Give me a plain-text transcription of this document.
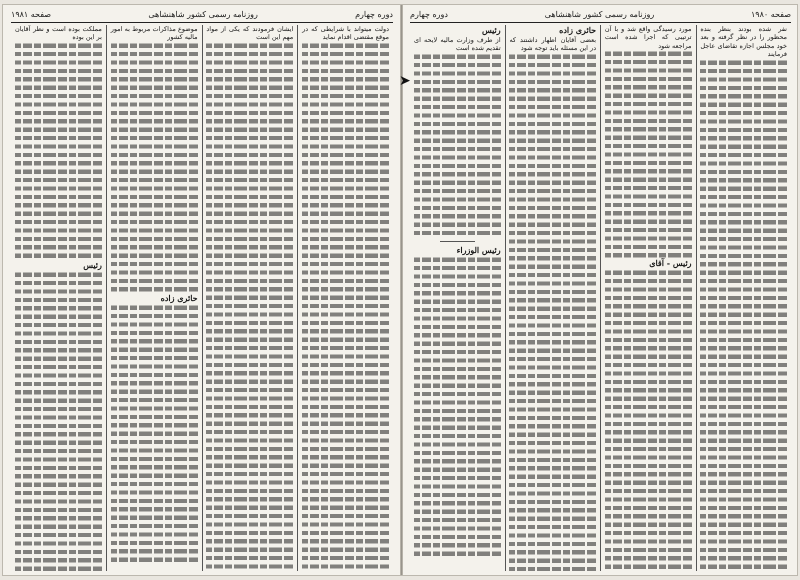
صفحه ۱۹۸۰
روزنامه رسمی کشور شاهنشاهی
دوره چهارم

نفر شده بودند بنظر بنده محظور را در نظر گرفته و بعد خود مجلس اجازه تقاضای عاجل فرمایند

مورد رسیدگی واقع شد و با آن ترتیبی که اجرا شده است مراجعه شود

رئیس - آقای

حائری زاده

بعضی آقایان اظهار داشتند که در این مسئله باید توجه شود

رئیس

از طرف وزارت مالیه لایحه ای تقدیم شده است

رئیس الوزراء

➤
دوره چهارم
روزنامه رسمی کشور شاهنشاهی
صفحه ۱۹۸۱

دولت میتواند با شرایطی که در موقع مقتضی اقدام نماید

ایشان فرمودند که یکی از مواد مهم این است

موضوع مذاکرات مربوط به امور مالیه کشور

حائری زاده

مملکت بوده است و نظر آقایان بر این بوده

رئیس
